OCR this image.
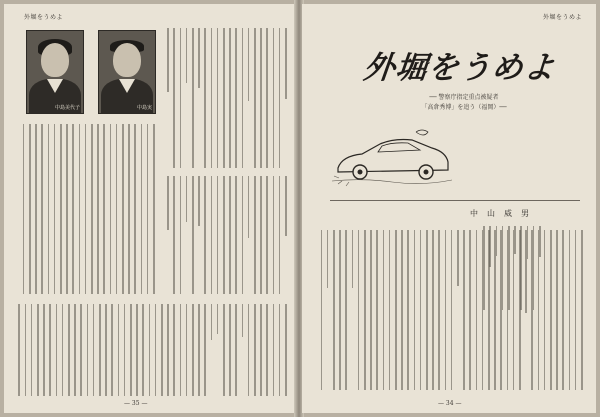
外堀をうめよ
中島美代子	中島実
— 35 —
外堀をうめよ
外堀をうめよ
── 警察庁指定重点被疑者
「高倉秀博」を追う（福岡）──
中山威男
— 34 —
